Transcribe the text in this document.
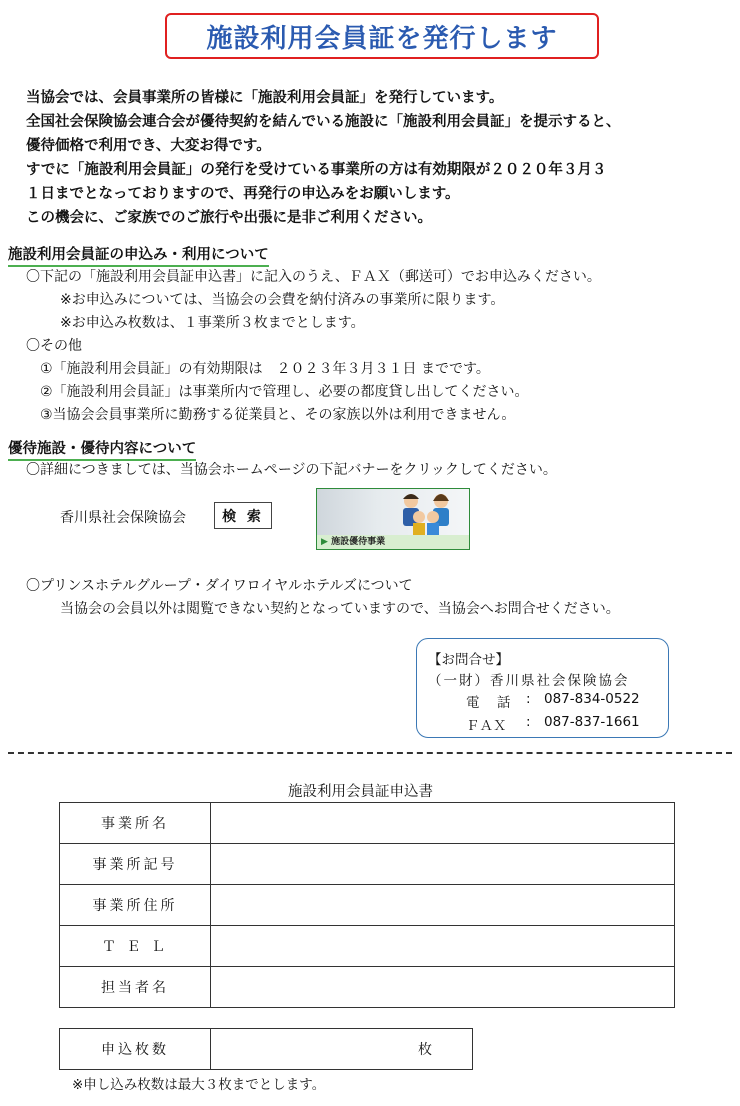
施設利用会員証を発行します
当協会では、会員事業所の皆様に「施設利用会員証」を発行しています。
全国社会保険協会連合会が優待契約を結んでいる施設に「施設利用会員証」を提示すると、
優待価格で利用でき、大変お得です。
すでに「施設利用会員証」の発行を受けている事業所の方は有効期限が２０２０年３月３
１日までとなっておりますので、再発行の申込みをお願いします。
この機会に、ご家族でのご旅行や出張に是非ご利用ください。
施設利用会員証の申込み・利用について
〇下記の「施設利用会員証申込書」に記入のうえ、ＦＡＸ（郵送可）でお申込みください。
※お申込みについては、当協会の会費を納付済みの事業所に限ります。
※お申込み枚数は、１事業所３枚までとします。
〇その他
①「施設利用会員証」の有効期限は　２０２３年３月３１日 までです。
②「施設利用会員証」は事業所内で管理し、必要の都度貸し出してください。
③当協会会員事業所に勤務する従業員と、その家族以外は利用できません。
優待施設・優待内容について
〇詳細につきましては、当協会ホームページの下記バナーをクリックしてください。
香川県社会保険協会	検 索
▶ 施設優待事業
〇プリンスホテルグループ・ダイワロイヤルホテルズについて
当協会の会員以外は閲覧できない契約となっていますので、当協会へお問合せください。
【お問合せ】
（一財）香川県社会保険協会
電　話 : 087-834-0522
ＦＡＸ : 087-837-1661
施設利用会員証申込書
事業所名	
事業所記号	
事業所住所	
Ｔ Ｅ Ｌ	
担当者名	
申込枚数	枚
※申し込み枚数は最大３枚までとします。
